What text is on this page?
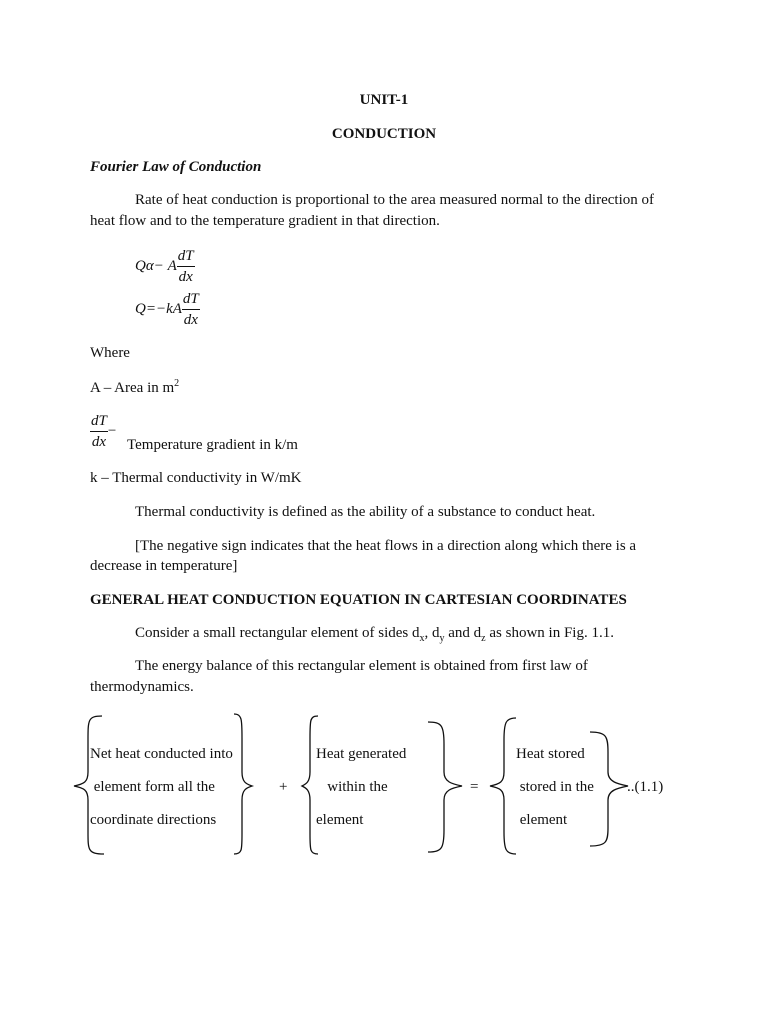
UNIT-1
CONDUCTION
Fourier Law of Conduction
Rate of heat conduction is proportional to the area measured normal to the direction of
heat flow and to the temperature gradient in that direction.
Qα− A $\frac{dT}{dx}$
$Q=-kA \frac{dT}{dx}$
Where
A – Area in $m^2$
$\frac{dT}{dx}$ −
Temperature gradient in k/m
k – Thermal conductivity in W/mK
Thermal conductivity is defined as the ability of a substance to conduct heat.
[The negative sign indicates that the heat flows in a direction along which there is a
decrease in temperature]
GENERAL HEAT CONDUCTION EQUATION IN CARTESIAN COORDINATES
Consider a small rectangular element of sides $d_x$, $d_y$ and $d_z$ as shown in Fig. 1.1.
The energy balance of this rectangular element is obtained from first law of
thermodynamics.
Net heat conducted into
element form all the
coordinate directions
+
Heat generated
within the
element
=
Heat stored
stored in the
element
..(1.1)
